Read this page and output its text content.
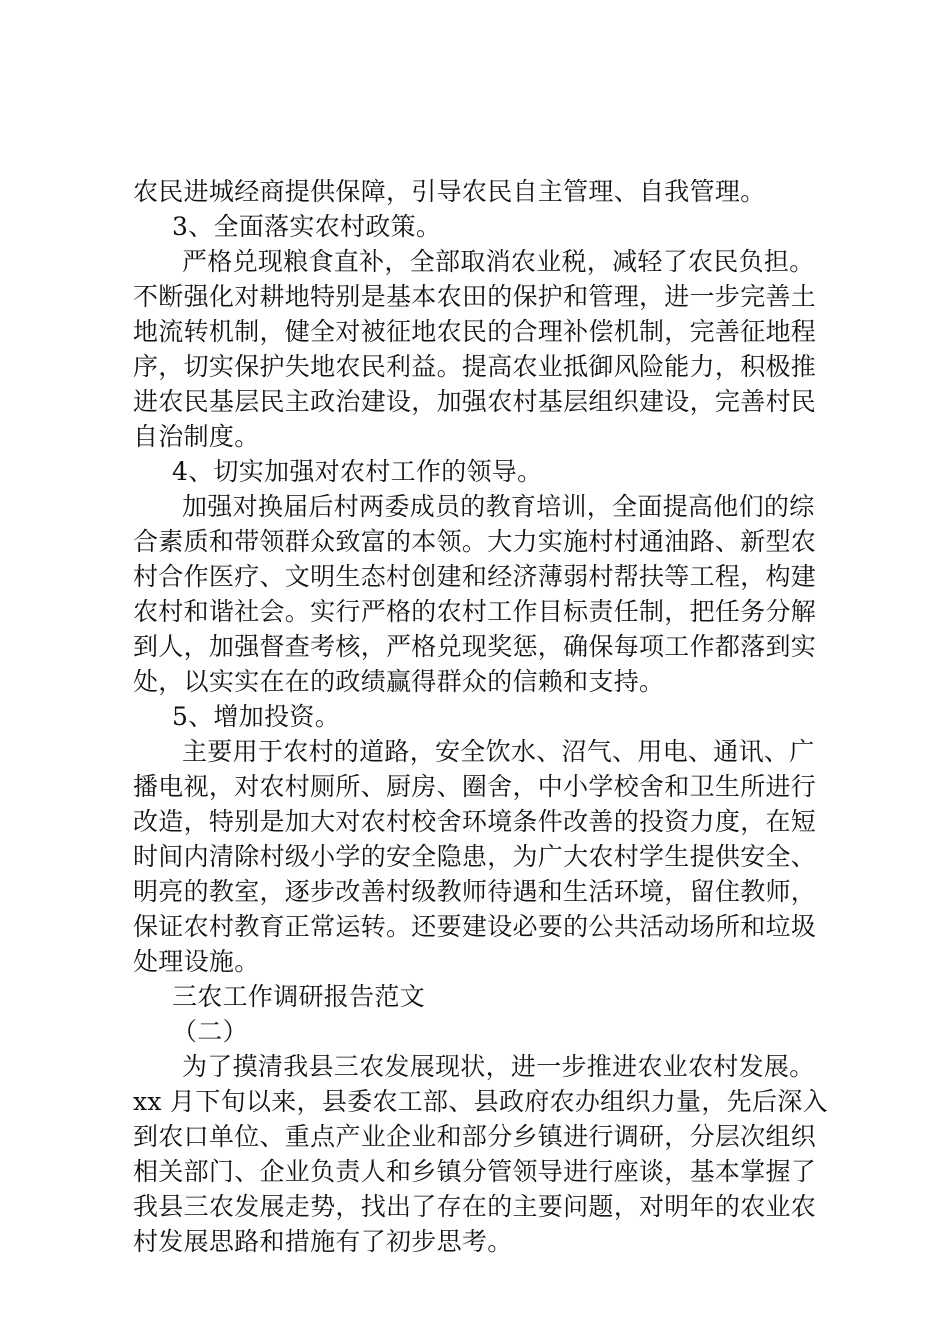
农民进城经商提供保障，引导农民自主管理、自我管理。
3、全面落实农村政策。
严格兑现粮食直补，全部取消农业税，减轻了农民负担。
不断强化对耕地特别是基本农田的保护和管理，进一步完善土
地流转机制，健全对被征地农民的合理补偿机制，完善征地程
序，切实保护失地农民利益。提高农业抵御风险能力，积极推
进农民基层民主政治建设，加强农村基层组织建设，完善村民
自治制度。
4、切实加强对农村工作的领导。
加强对换届后村两委成员的教育培训，全面提高他们的综
合素质和带领群众致富的本领。大力实施村村通油路、新型农
村合作医疗、文明生态村创建和经济薄弱村帮扶等工程，构建
农村和谐社会。实行严格的农村工作目标责任制，把任务分解
到人，加强督查考核，严格兑现奖惩，确保每项工作都落到实
处，以实实在在的政绩赢得群众的信赖和支持。
5、增加投资。
主要用于农村的道路，安全饮水、沼气、用电、通讯、广
播电视，对农村厕所、厨房、圈舍，中小学校舍和卫生所进行
改造，特别是加大对农村校舍环境条件改善的投资力度，在短
时间内清除村级小学的安全隐患，为广大农村学生提供安全、
明亮的教室，逐步改善村级教师待遇和生活环境，留住教师，
保证农村教育正常运转。还要建设必要的公共活动场所和垃圾
处理设施。
三农工作调研报告范文
（二）
为了摸清我县三农发展现状，进一步推进农业农村发展。
xx 月下旬以来，县委农工部、县政府农办组织力量，先后深入
到农口单位、重点产业企业和部分乡镇进行调研，分层次组织
相关部门、企业负责人和乡镇分管领导进行座谈，基本掌握了
我县三农发展走势，找出了存在的主要问题，对明年的农业农
村发展思路和措施有了初步思考。
